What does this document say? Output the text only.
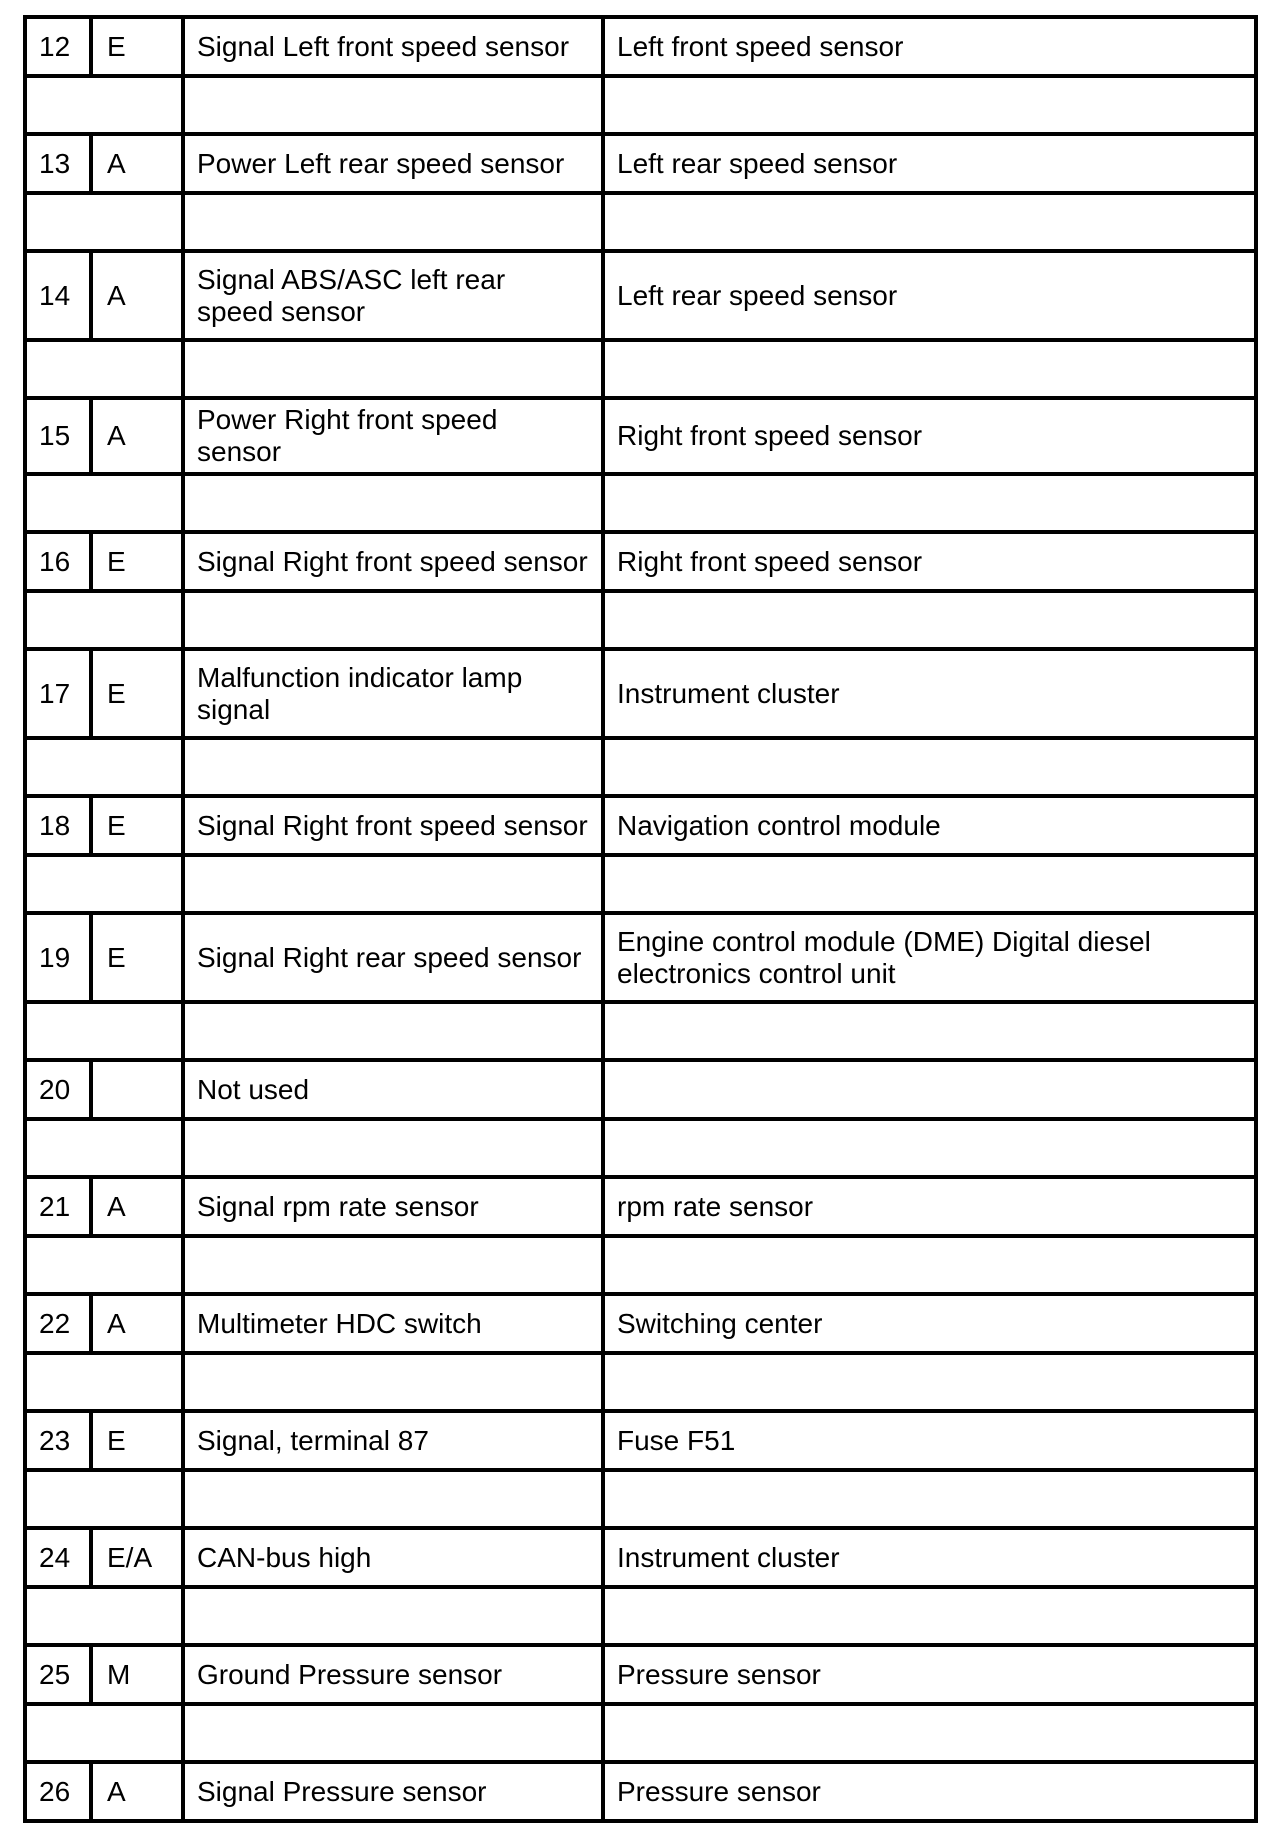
12	E	Signal Left front speed sensor	Left front speed sensor

13	A	Power Left rear speed sensor	Left rear speed sensor

14	A	Signal ABS/ASC left rear speed sensor	Left rear speed sensor

15	A	Power Right front speed sensor	Right front speed sensor

16	E	Signal Right front speed sensor	Right front speed sensor

17	E	Malfunction indicator lamp signal	Instrument cluster

18	E	Signal Right front speed sensor	Navigation control module

19	E	Signal Right rear speed sensor	Engine control module (DME) Digital diesel electronics control unit

20		Not used	

21	A	Signal rpm rate sensor	rpm rate sensor

22	A	Multimeter HDC switch	Switching center

23	E	Signal, terminal 87	Fuse F51

24	E/A	CAN-bus high	Instrument cluster

25	M	Ground Pressure sensor	Pressure sensor

26	A	Signal Pressure sensor	Pressure sensor
